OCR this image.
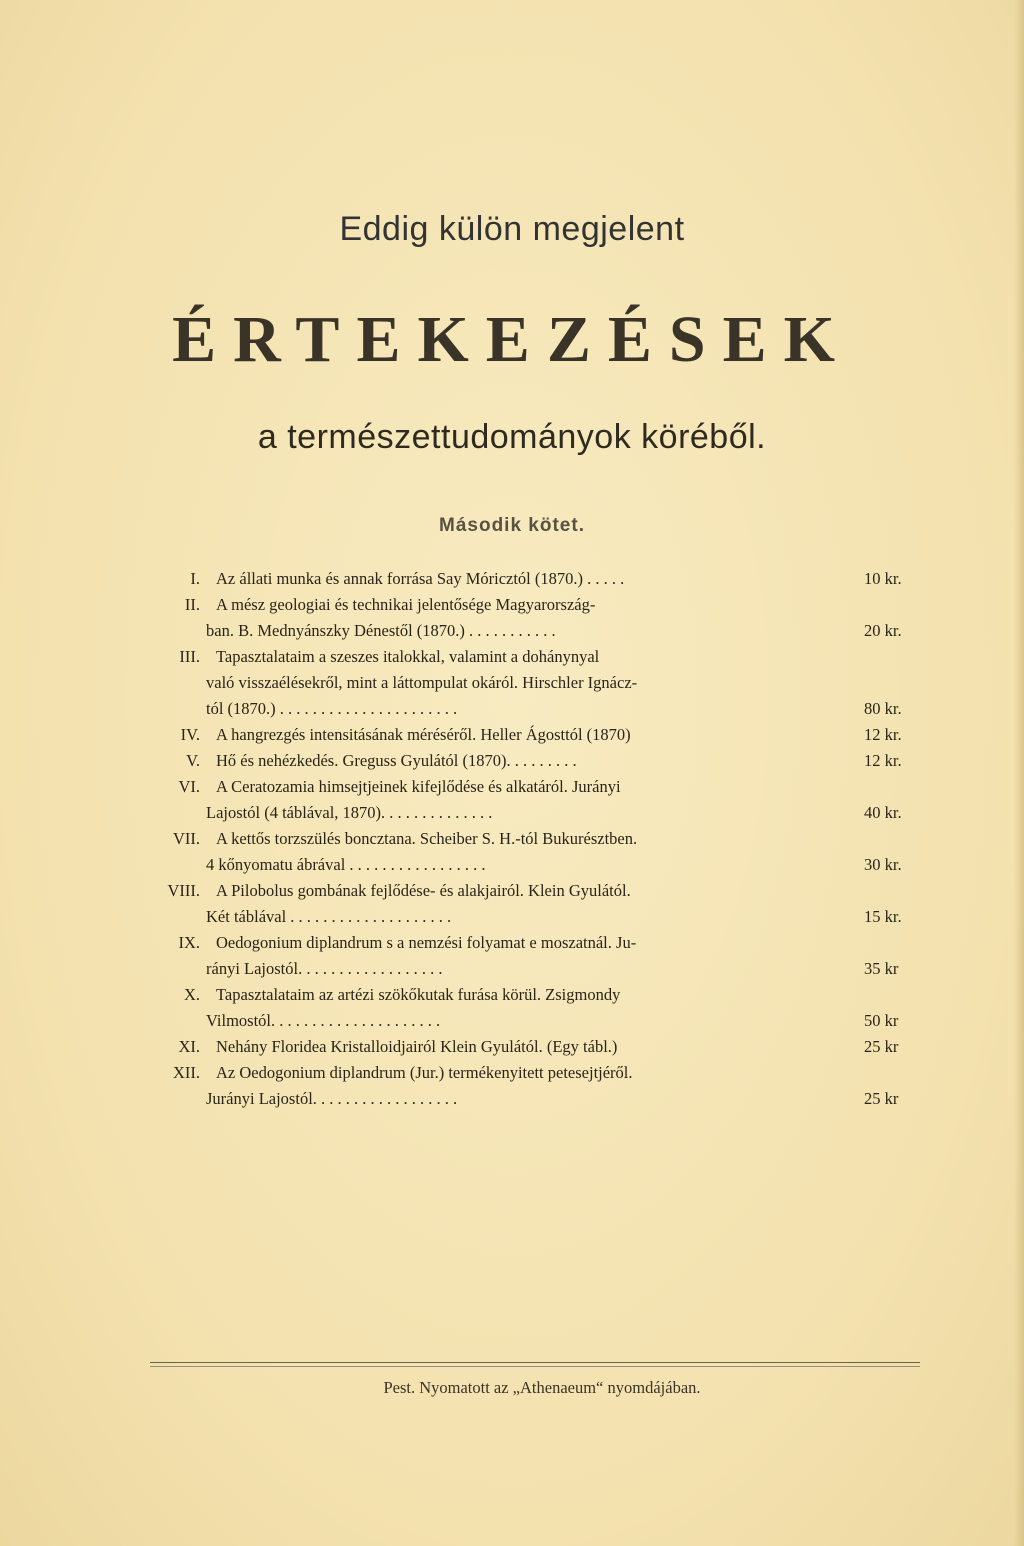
Eddig külön megjelent
ÉRTEKEZÉSEK
a természettudományok köréből.
Második kötet.
I. Az állati munka és annak forrása Say Móricztól (1870.) . . . . .	10 kr.
II. A mész geologiai és technikai jelentősége Magyarország-
ban. B. Mednyánszky Dénestől (1870.) . . . . . . . . . . .	20 kr.
III. Tapasztalataim a szeszes italokkal, valamint a dohánynyal
való visszaélésekről, mint a láttompulat okáról. Hirschler Ignácz-
tól (1870.) . . . . . . . . . . . . . . . . . . . . . .	80 kr.
IV. A hangrezgés intensitásának méréséről. Heller Ágosttól (1870)	12 kr.
V. Hő és nehézkedés. Greguss Gyulától (1870). . . . . . . . .	12 kr.
VI. A Ceratozamia himsejtjeinek kifejlődése és alkatáról. Jurányi
Lajostól (4 táblával, 1870). . . . . . . . . . . . . .	40 kr.
VII. A kettős torzszülés boncztana. Scheiber S. H.-tól Bukurésztben.
4 kőnyomatu ábrával . . . . . . . . . . . . . . . . .	30 kr.
VIII. A Pilobolus gombának fejlődése- és alakjairól. Klein Gyulától.
Két táblával . . . . . . . . . . . . . . . . . . . .	15 kr.
IX. Oedogonium diplandrum s a nemzési folyamat e moszatnál. Ju-
rányi Lajostól. . . . . . . . . . . . . . . . . .	35 kr
X. Tapasztalataim az artézi szökőkutak furása körül. Zsigmondy
Vilmostól. . . . . . . . . . . . . . . . . . . . .	50 kr
XI. Nehány Floridea Kristalloidjairól Klein Gyulától. (Egy tábl.)	25 kr
XII. Az Oedogonium diplandrum (Jur.) termékenyitett petesejtjéről.
Jurányi Lajostól. . . . . . . . . . . . . . . . . .	25 kr
Pest. Nyomatott az „Athenaeum“ nyomdájában.
